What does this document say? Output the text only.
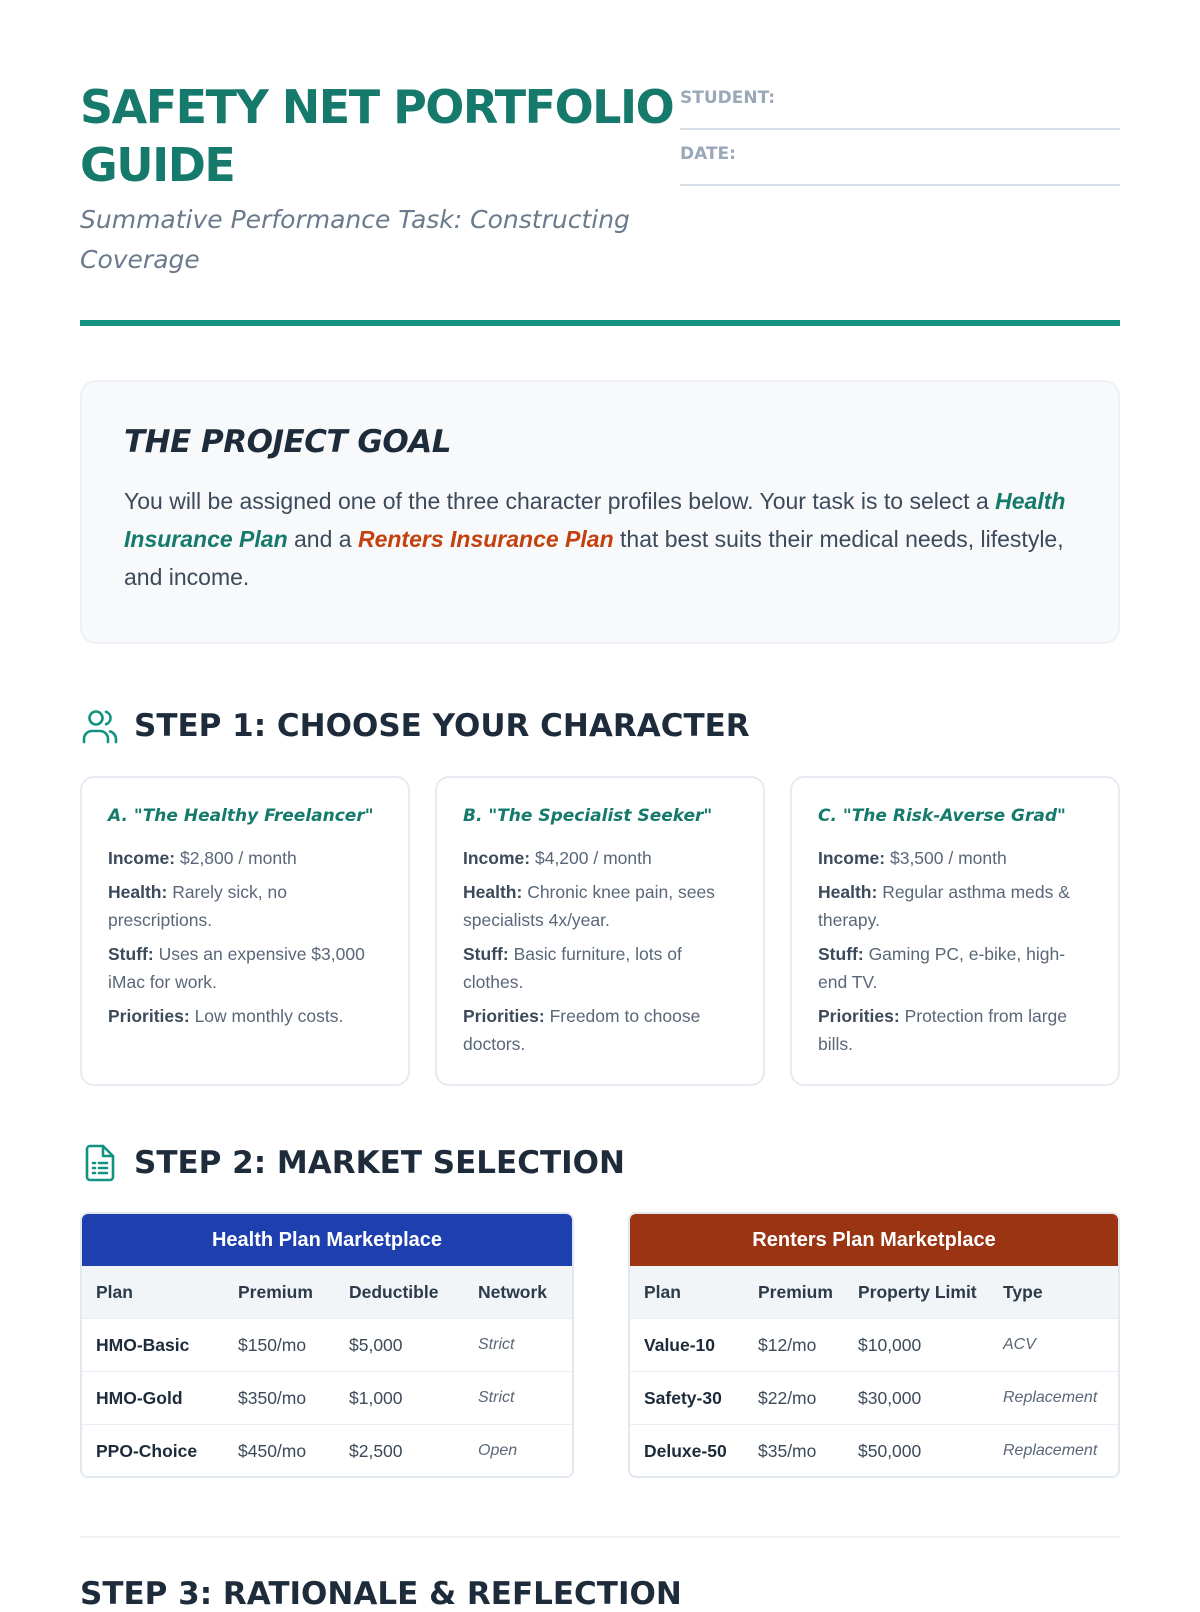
SAFETY NET PORTFOLIO GUIDE
Summative Performance Task: Constructing Coverage
STUDENT:
DATE:
THE PROJECT GOAL
You will be assigned one of the three character profiles below. Your task is to select a Health Insurance Plan and a Renters Insurance Plan that best suits their medical needs, lifestyle, and income.
STEP 1: CHOOSE YOUR CHARACTER
A. "The Healthy Freelancer"
Income: $2,800 / month
Health: Rarely sick, no prescriptions.
Stuff: Uses an expensive $3,000 iMac for work.
Priorities: Low monthly costs.
B. "The Specialist Seeker"
Income: $4,200 / month
Health: Chronic knee pain, sees specialists 4x/year.
Stuff: Basic furniture, lots of clothes.
Priorities: Freedom to choose doctors.
C. "The Risk-Averse Grad"
Income: $3,500 / month
Health: Regular asthma meds & therapy.
Stuff: Gaming PC, e-bike, high-end TV.
Priorities: Protection from large bills.
STEP 2: MARKET SELECTION
Health Plan Marketplace
Plan	Premium	Deductible	Network
HMO-Basic	$150/mo	$5,000	Strict
HMO-Gold	$350/mo	$1,000	Strict
PPO-Choice	$450/mo	$2,500	Open
Renters Plan Marketplace
Plan	Premium	Property Limit	Type
Value-10	$12/mo	$10,000	ACV
Safety-30	$22/mo	$30,000	Replacement
Deluxe-50	$35/mo	$50,000	Replacement
STEP 3: RATIONALE & REFLECTION
